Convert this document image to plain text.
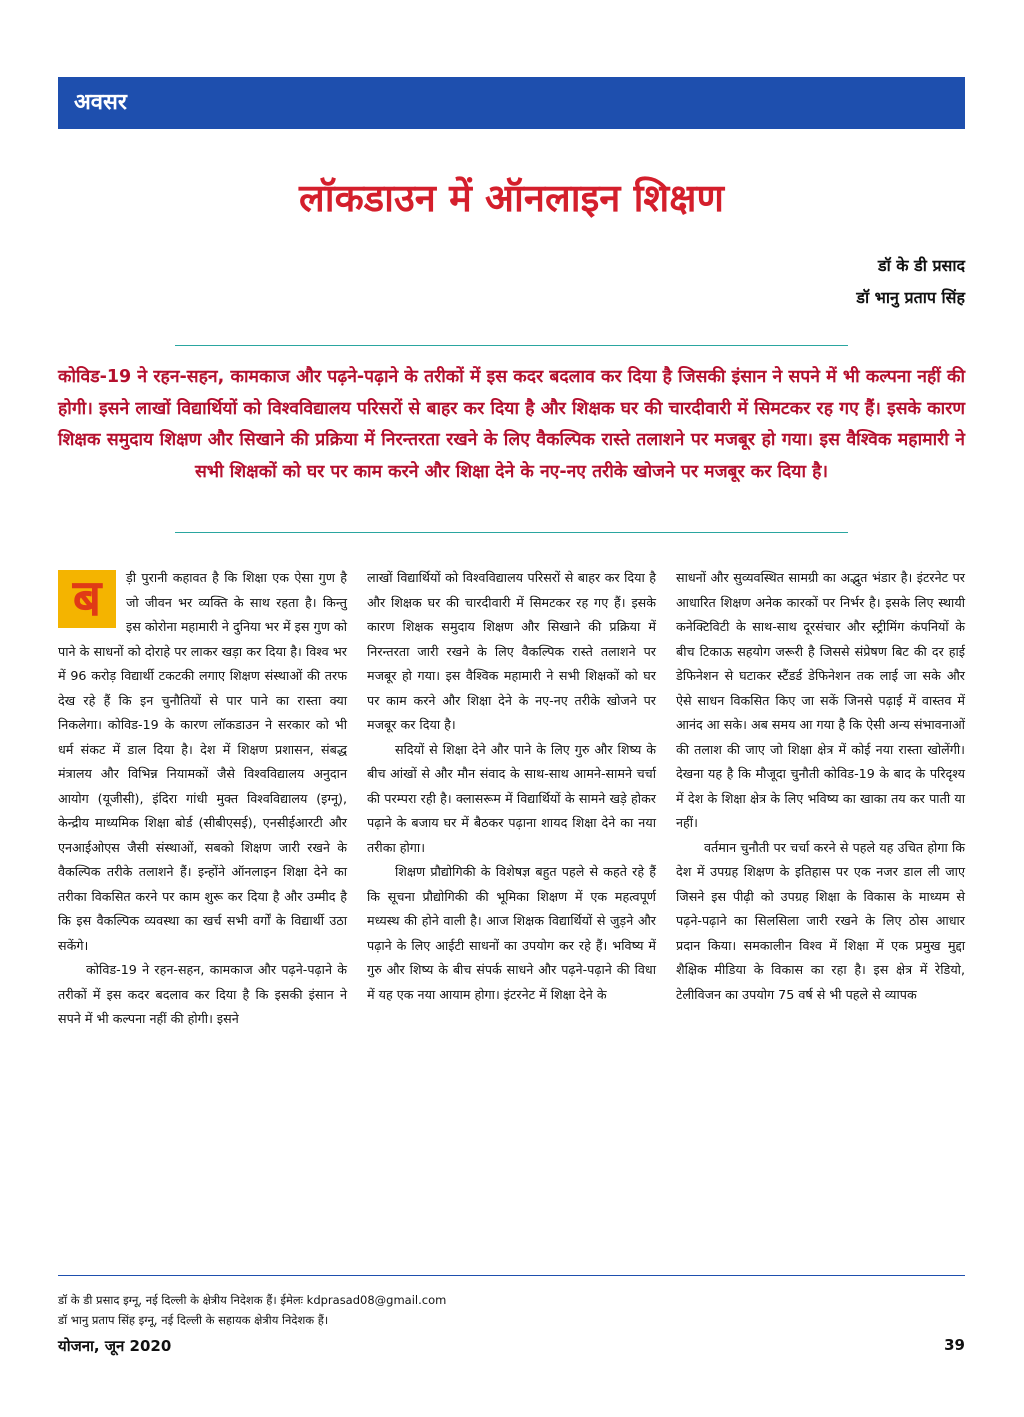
अवसर
लॉकडाउन में ऑनलाइन शिक्षण
डॉ के डी प्रसाद
डॉ भानु प्रताप सिंह
कोविड-19 ने रहन-सहन, कामकाज और पढ़ने-पढ़ाने के तरीकों में इस कदर बदलाव कर दिया है जिसकी इंसान ने सपने में भी कल्पना नहीं की होगी। इसने लाखों विद्यार्थियों को विश्वविद्यालय परिसरों से बाहर कर दिया है और शिक्षक घर की चारदीवारी में सिमटकर रह गए हैं। इसके कारण शिक्षक समुदाय शिक्षण और सिखाने की प्रक्रिया में निरन्तरता रखने के लिए वैकल्पिक रास्ते तलाशने पर मजबूर हो गया। इस वैश्विक महामारी ने सभी शिक्षकों को घर पर काम करने और शिक्षा देने के नए-नए तरीके खोजने पर मजबूर कर दिया है।
ब	ड़ी पुरानी कहावत है कि शिक्षा एक ऐसा गुण है जो जीवन भर व्यक्ति के साथ रहता है। किन्तु इस कोरोना महामारी ने दुनिया भर में इस गुण को पाने के साधनों को दोराहे पर लाकर खड़ा कर दिया है। विश्व भर में 96 करोड़ विद्यार्थी टकटकी लगाए शिक्षण संस्थाओं की तरफ देख रहे हैं कि इन चुनौतियों से पार पाने का रास्ता क्या निकलेगा। कोविड-19 के कारण लॉकडाउन ने सरकार को भी धर्म संकट में डाल दिया है। देश में शिक्षण प्रशासन, संबद्ध मंत्रालय और विभिन्न नियामकों जैसे विश्वविद्यालय अनुदान आयोग (यूजीसी), इंदिरा गांधी मुक्त विश्वविद्यालय (इग्नू), केन्द्रीय माध्यमिक शिक्षा बोर्ड (सीबीएसई), एनसीईआरटी और एनआईओएस जैसी संस्थाओं, सबको शिक्षण जारी रखने के वैकल्पिक तरीके तलाशने हैं। इन्होंने ऑनलाइन शिक्षा देने का तरीका विकसित करने पर काम शुरू कर दिया है और उम्मीद है कि इस वैकल्पिक व्यवस्था का खर्च सभी वर्गों के विद्यार्थी उठा सकेंगे।

कोविड-19 ने रहन-सहन, कामकाज और पढ़ने-पढ़ाने के तरीकों में इस कदर बदलाव कर दिया है कि इसकी इंसान ने सपने में भी कल्पना नहीं की होगी। इसने

लाखों विद्यार्थियों को विश्वविद्यालय परिसरों से बाहर कर दिया है और शिक्षक घर की चारदीवारी में सिमटकर रह गए हैं। इसके कारण शिक्षक समुदाय शिक्षण और सिखाने की प्रक्रिया में निरन्तरता जारी रखने के लिए वैकल्पिक रास्ते तलाशने पर मजबूर हो गया। इस वैश्विक महामारी ने सभी शिक्षकों को घर पर काम करने और शिक्षा देने के नए-नए तरीके खोजने पर मजबूर कर दिया है।

सदियों से शिक्षा देने और पाने के लिए गुरु और शिष्य के बीच आंखों से और मौन संवाद के साथ-साथ आमने-सामने चर्चा की परम्परा रही है। क्लासरूम में विद्यार्थियों के सामने खड़े होकर पढ़ाने के बजाय घर में बैठकर पढ़ाना शायद शिक्षा देने का नया तरीका होगा।

शिक्षण प्रौद्योगिकी के विशेषज्ञ बहुत पहले से कहते रहे हैं कि सूचना प्रौद्योगिकी की भूमिका शिक्षण में एक महत्वपूर्ण मध्यस्थ की होने वाली है। आज शिक्षक विद्यार्थियों से जुड़ने और पढ़ाने के लिए आईटी साधनों का उपयोग कर रहे हैं। भविष्य में गुरु और शिष्य के बीच संपर्क साधने और पढ़ने-पढ़ाने की विधा में यह एक नया आयाम होगा। इंटरनेट में शिक्षा देने के

साधनों और सुव्यवस्थित सामग्री का अद्भुत भंडार है। इंटरनेट पर आधारित शिक्षण अनेक कारकों पर निर्भर है। इसके लिए स्थायी कनेक्टिविटी के साथ-साथ दूरसंचार और स्ट्रीमिंग कंपनियों के बीच टिकाऊ सहयोग जरूरी है जिससे संप्रेषण बिट की दर हाई डेफिनेशन से घटाकर स्टैंडर्ड डेफिनेशन तक लाई जा सके और ऐसे साधन विकसित किए जा सकें जिनसे पढ़ाई में वास्तव में आनंद आ सके। अब समय आ गया है कि ऐसी अन्य संभावनाओं की तलाश की जाए जो शिक्षा क्षेत्र में कोई नया रास्ता खोलेंगी। देखना यह है कि मौजूदा चुनौती कोविड-19 के बाद के परिदृश्य में देश के शिक्षा क्षेत्र के लिए भविष्य का खाका तय कर पाती या नहीं।

वर्तमान चुनौती पर चर्चा करने से पहले यह उचित होगा कि देश में उपग्रह शिक्षण के इतिहास पर एक नजर डाल ली जाए जिसने इस पीढ़ी को उपग्रह शिक्षा के विकास के माध्यम से पढ़ने-पढ़ाने का सिलसिला जारी रखने के लिए ठोस आधार प्रदान किया। समकालीन विश्व में शिक्षा में एक प्रमुख मुद्दा शैक्षिक मीडिया के विकास का रहा है। इस क्षेत्र में रेडियो, टेलीविजन का उपयोग 75 वर्ष से भी पहले से व्यापक

डॉ के डी प्रसाद इग्नू, नई दिल्ली के क्षेत्रीय निदेशक हैं। ईमेलः kdprasad08@gmail.com
डॉ भानु प्रताप सिंह इग्नू, नई दिल्ली के सहायक क्षेत्रीय निदेशक हैं।
योजना, जून 2020	39
